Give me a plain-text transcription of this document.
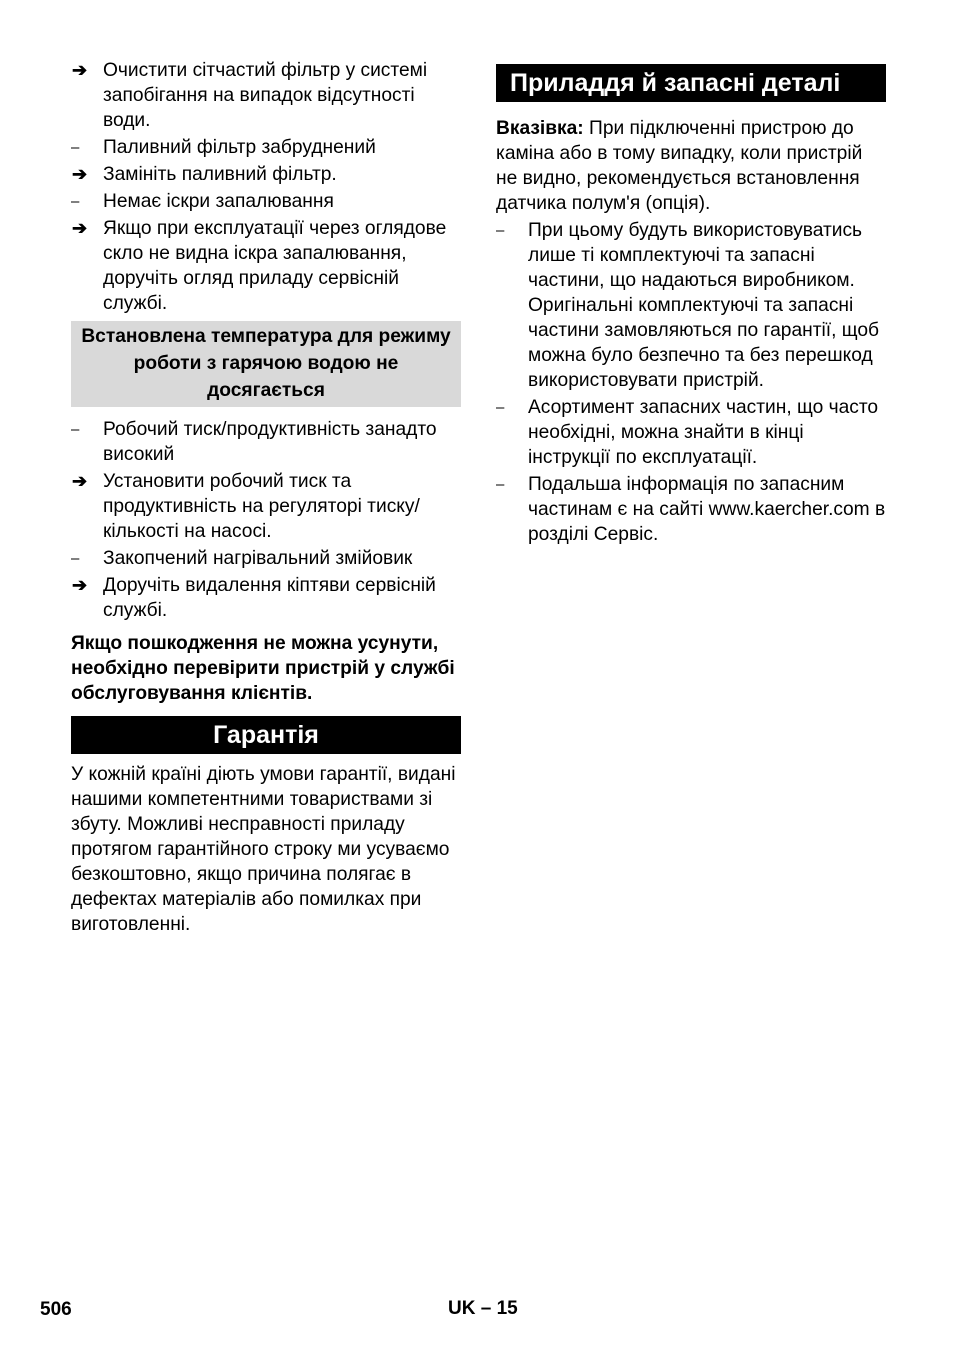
➔ Очистити сітчастий фільтр у системі запобігання на випадок відсутності води.
–	Паливний фільтр забруднений
➔ Замініть паливний фільтр.
–	Немає іскри запалювання
➔ Якщо при експлуатації через оглядове скло не видна іскра запалювання, доручіть огляд приладу сервісній службі.
Встановлена температура для режиму роботи з гарячою водою не досягається
–	Робочий тиск/продуктивність занадто високий
➔ Установити робочий тиск та продуктивність на регуляторі тиску/кількості на насосі.
–	Закопчений нагрівальний змійовик
➔ Доручіть видалення кіптяви сервісній службі.
Якщо пошкодження не можна усунути, необхідно перевірити пристрій у службі обслуговування клієнтів.
Гарантія

У кожній країні діють умови гарантії, видані нашими компетентними товариствами зі збуту. Можливі несправності приладу протягом гарантійного строку ми усуваємо безкоштовно, якщо причина полягає в дефектах матеріалів або помилках при виготовленні.

Приладдя й запасні деталі

Вказівка: При підключенні пристрою до каміна або в тому випадку, коли пристрій не видно, рекомендується встановлення датчика полум'я (опція).

–	При цьому будуть використовуватись лише ті комплектуючі та запасні частини, що надаються виробником. Оригінальні комплектуючі та запасні частини замовляються по гарантії, щоб можна було безпечно та без перешкод використовувати пристрій.
–	Асортимент запасних частин, що часто необхідні, можна знайти в кінці інструкції по експлуатації.
–	Подальша інформація по запасним частинам є на сайті www.kaercher.com в розділі Сервіс.
506	UK – 15
